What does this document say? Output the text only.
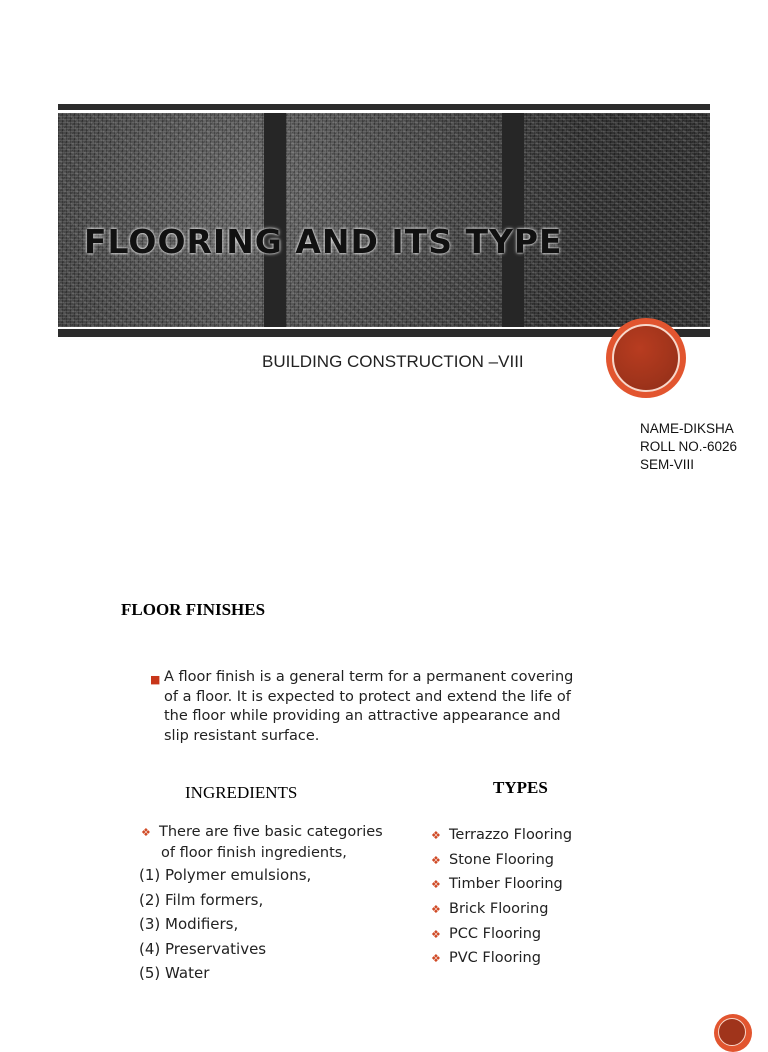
FLOORING AND ITS TYPE
BUILDING CONSTRUCTION –VIII
NAME-DIKSHA
ROLL NO.-6026
SEM-VIII
FLOOR FINISHES
■ A floor finish is a general term for a permanent covering of a floor. It is expected to protect and extend the life of the floor while providing an attractive appearance and slip resistant surface.
INGREDIENTS	TYPES
❖ There are five basic categories
of floor finish ingredients,
(1) Polymer emulsions,
(2) Film formers,
(3) Modifiers,
(4) Preservatives
(5) Water
❖ Terrazzo Flooring
❖ Stone Flooring
❖ Timber Flooring
❖ Brick Flooring
❖ PCC Flooring
❖ PVC Flooring
